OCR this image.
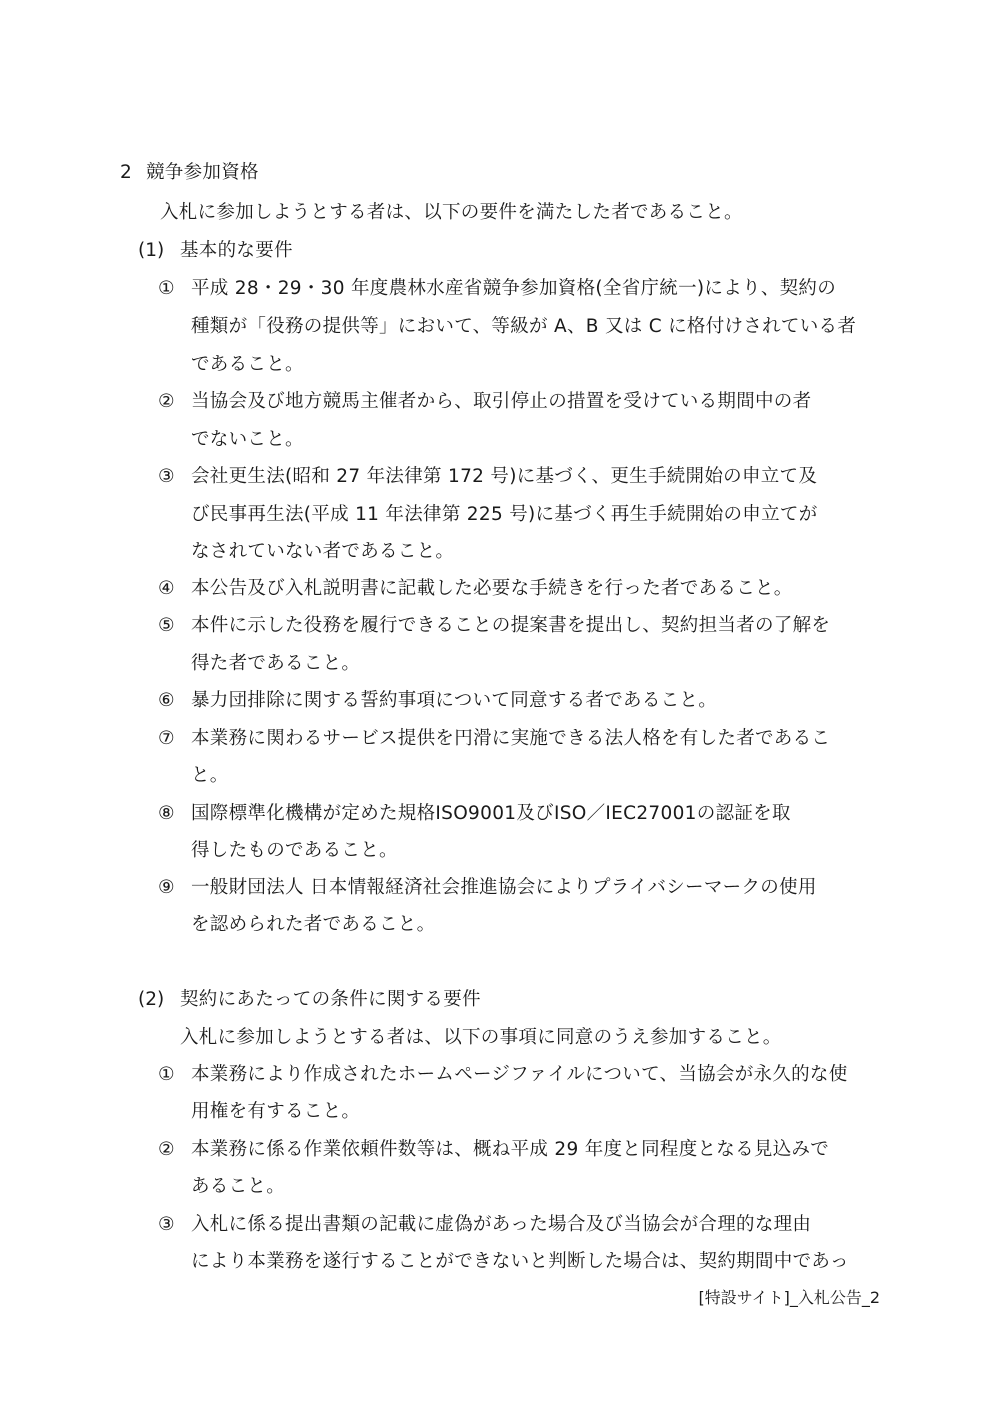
2 競争参加資格
入札に参加しようとする者は、以下の要件を満たした者であること。
(1) 基本的な要件
① 平成 28・29・30 年度農林水産省競争参加資格(全省庁統一)により、契約の
種類が「役務の提供等」において、等級が A、B 又は C に格付けされている者
であること。
② 当協会及び地方競馬主催者から、取引停止の措置を受けている期間中の者
でないこと。
③ 会社更生法(昭和 27 年法律第 172 号)に基づく、更生手続開始の申立て及
び民事再生法(平成 11 年法律第 225 号)に基づく再生手続開始の申立てが
なされていない者であること。
④ 本公告及び入札説明書に記載した必要な手続きを行った者であること。
⑤ 本件に示した役務を履行できることの提案書を提出し、契約担当者の了解を
得た者であること。
⑥ 暴力団排除に関する誓約事項について同意する者であること。
⑦ 本業務に関わるサービス提供を円滑に実施できる法人格を有した者であるこ
と。
⑧ 国際標準化機構が定めた規格ISO9001及びISO／IEC27001の認証を取
得したものであること。
⑨ 一般財団法人 日本情報経済社会推進協会によりプライバシーマークの使用
を認められた者であること。
(2) 契約にあたっての条件に関する要件
入札に参加しようとする者は、以下の事項に同意のうえ参加すること。
① 本業務により作成されたホームページファイルについて、当協会が永久的な使
用権を有すること。
② 本業務に係る作業依頼件数等は、概ね平成 29 年度と同程度となる見込みで
あること。
③ 入札に係る提出書類の記載に虚偽があった場合及び当協会が合理的な理由
により本業務を遂行することができないと判断した場合は、契約期間中であっ
[特設サイト]_入札公告_2
